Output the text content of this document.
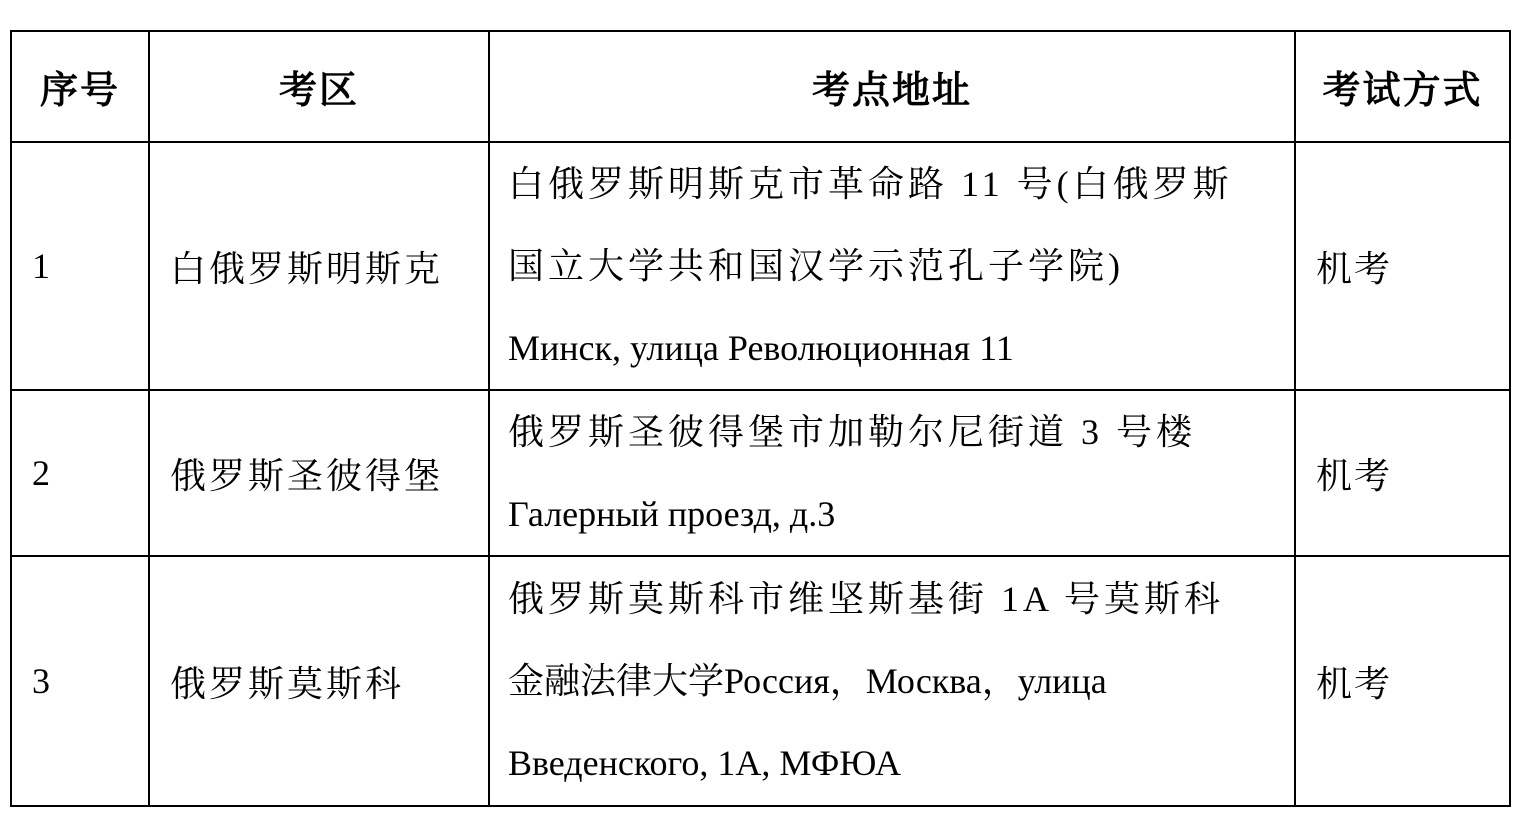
序号	考区	考点地址	考试方式
1	白俄罗斯明斯克	白俄罗斯明斯克市革命路 11 号(白俄罗斯
国立大学共和国汉学示范孔子学院)
Минск, улица Революционная 11	机考
2	俄罗斯圣彼得堡	俄罗斯圣彼得堡市加勒尔尼街道 3 号楼
Галерный проезд, д.3	机考
3	俄罗斯莫斯科	俄罗斯莫斯科市维坚斯基街 1A 号莫斯科
金融法律大学Россия，Москва，улица
Введенского, 1А, МФЮА	机考
